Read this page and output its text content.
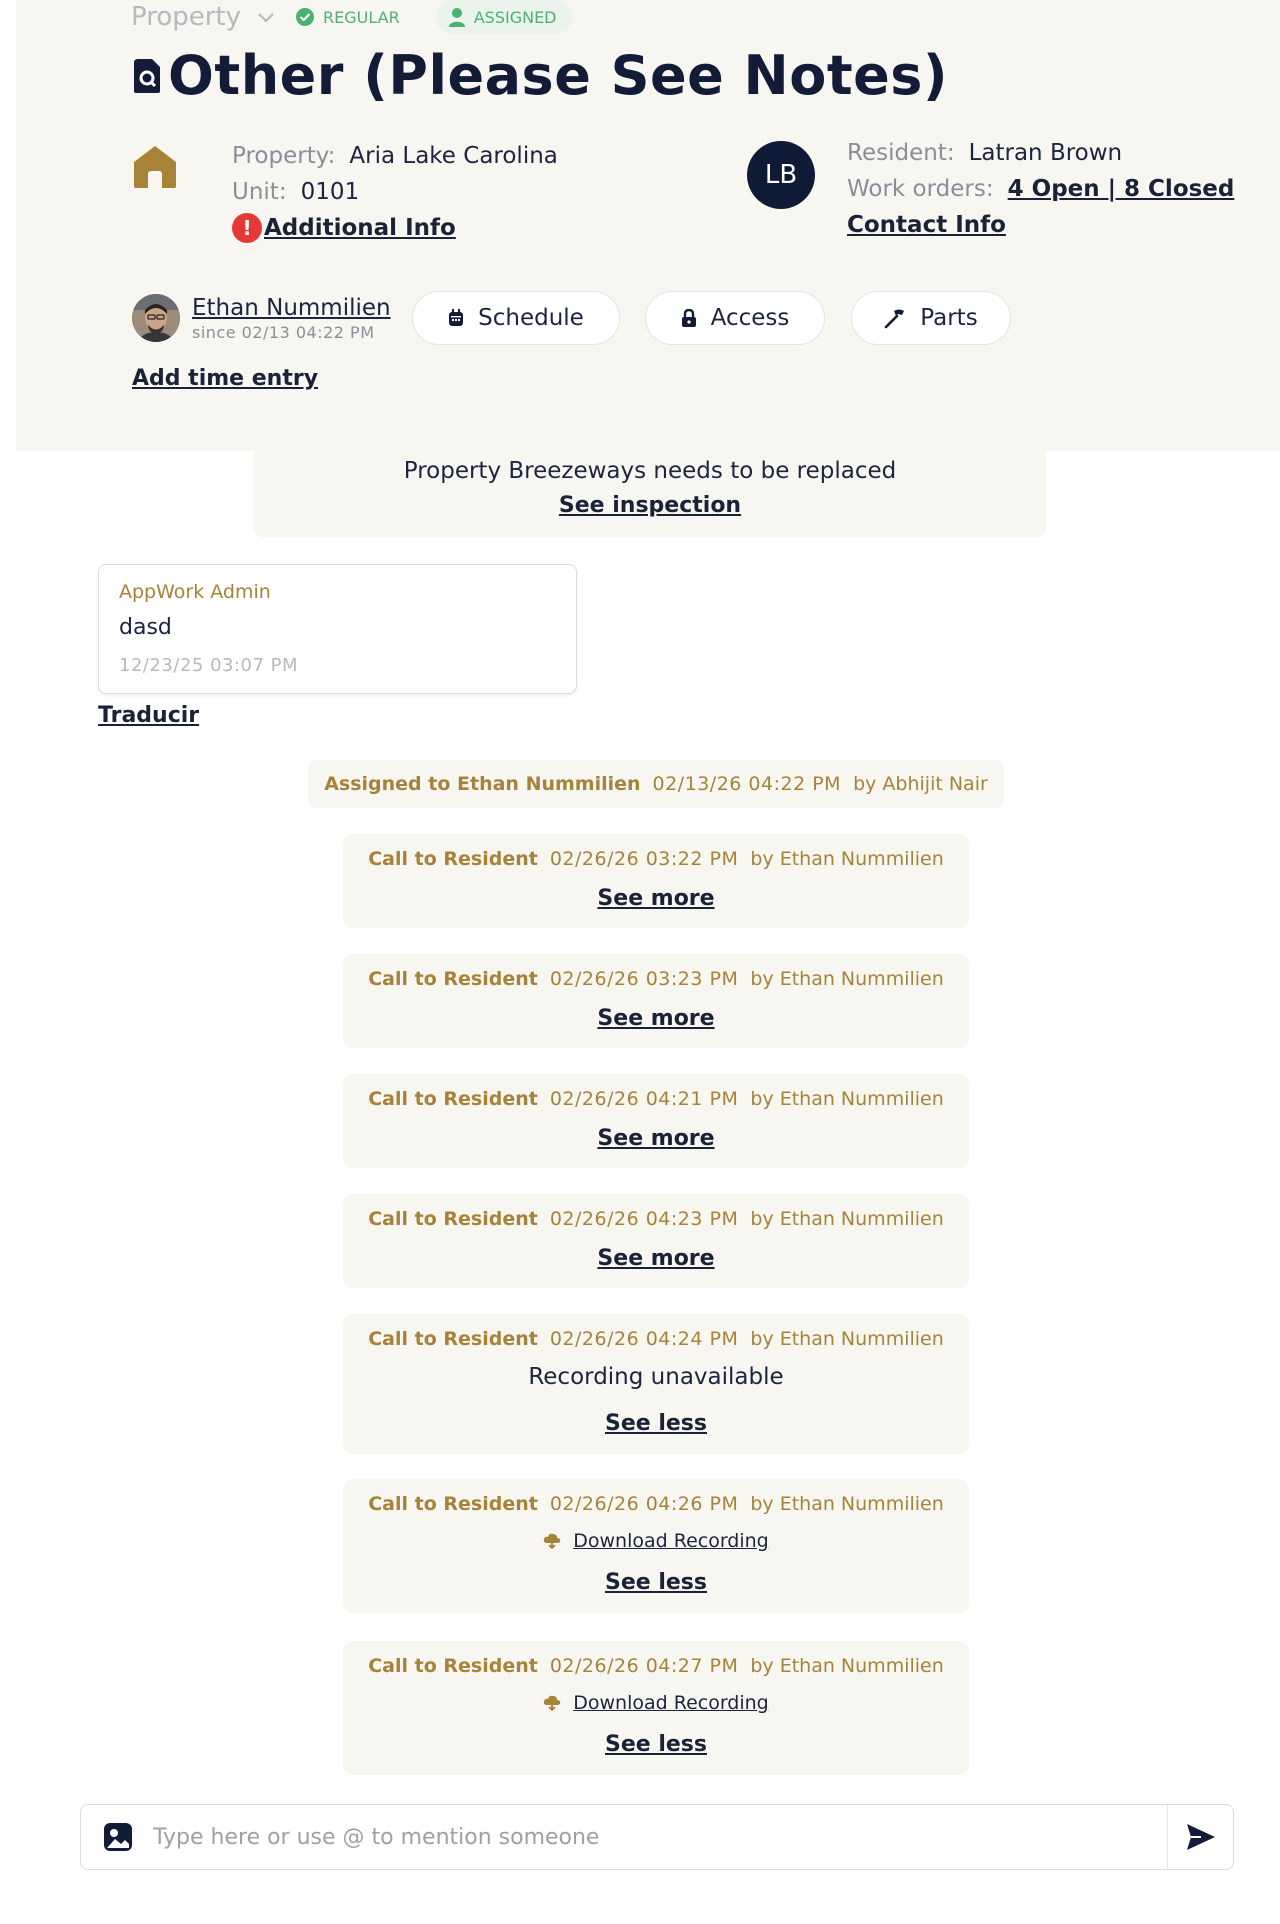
Property	REGULAR	ASSIGNED
Other (Please See Notes)
Property: Aria Lake Carolina
Unit: 0101
! Additional Info
LB
Resident: Latran Brown
Work orders: 4 Open | 8 Closed
Contact Info
Ethan Nummilien
since 02/13 04:22 PM
Schedule	Access	Parts
Add time entry
Property Breezeways needs to be replaced
See inspection
AppWork Admin
dasd
12/23/25 03:07 PM
Traducir
Assigned to Ethan Nummilien 02/13/26 04:22 PM by Abhijit Nair
Call to Resident 02/26/26 03:22 PM by Ethan Nummilien
See more
Call to Resident 02/26/26 03:23 PM by Ethan Nummilien
See more
Call to Resident 02/26/26 04:21 PM by Ethan Nummilien
See more
Call to Resident 02/26/26 04:23 PM by Ethan Nummilien
See more
Call to Resident 02/26/26 04:24 PM by Ethan Nummilien
Recording unavailable
See less
Call to Resident 02/26/26 04:26 PM by Ethan Nummilien
Download Recording
See less
Call to Resident 02/26/26 04:27 PM by Ethan Nummilien
Download Recording
See less
Type here or use @ to mention someone
